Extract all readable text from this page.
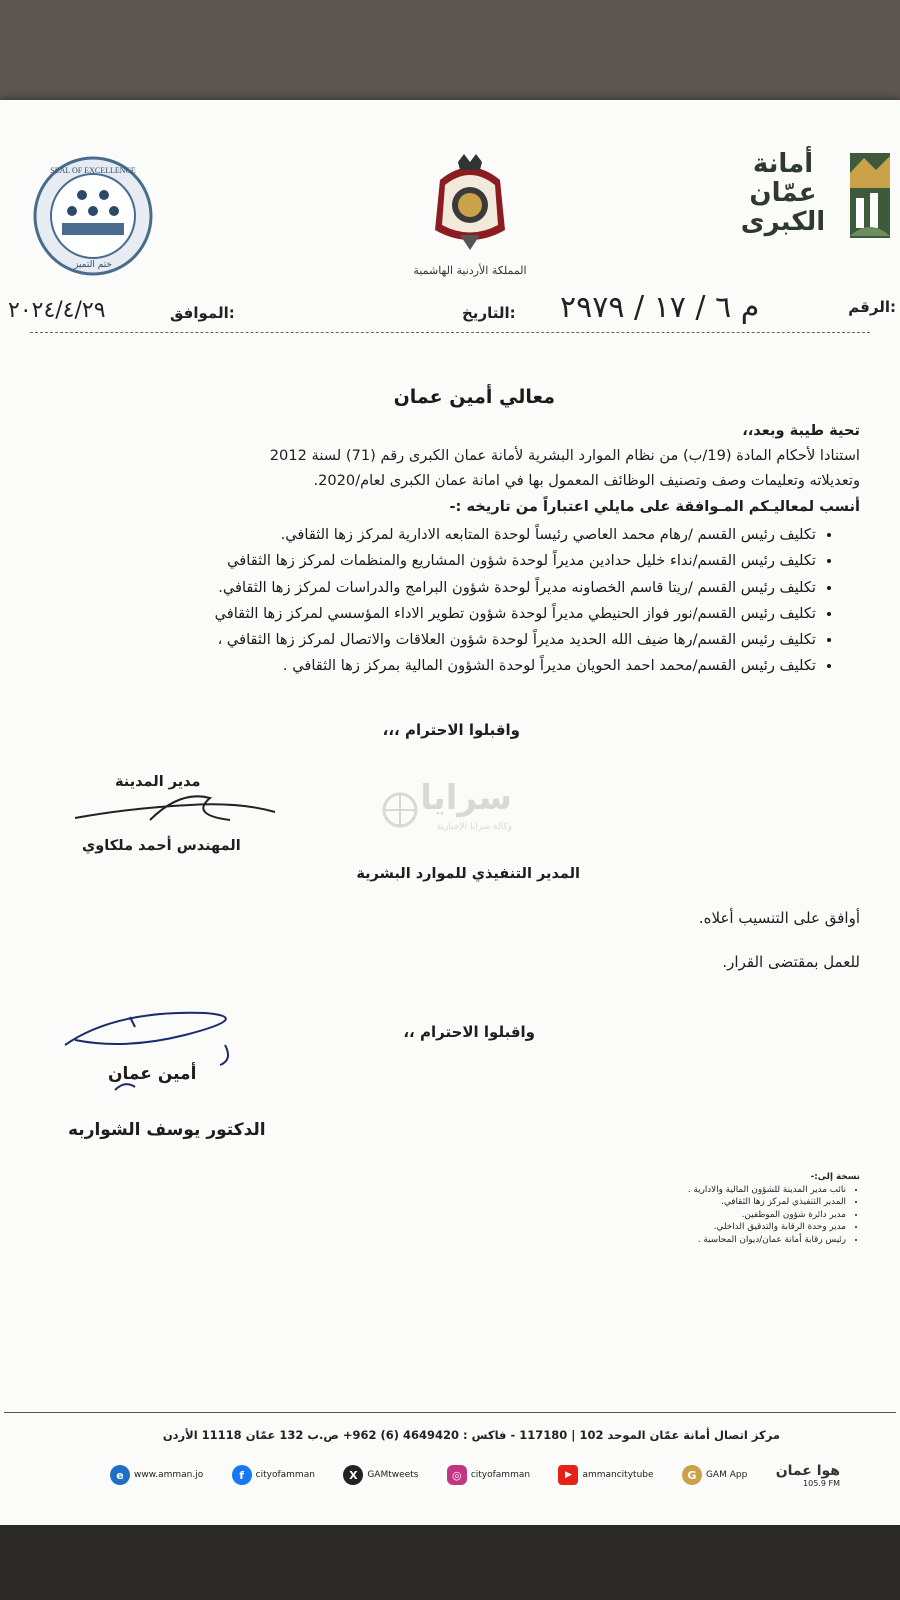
أمانة
عمّان
الكبرى
المملكة الأردنية الهاشمية
SEAL OF EXCELLENCE
ختم التميز
الرقم:
م ٦ / ١٧ / ٢٩٧٩
التاريخ:
الموافق:
٢٠٢٤/٤/٢٩
معالي أمين عمان
تحية طيبة وبعد،،
استنادا لأحكام المادة (19/ب) من نظام الموارد البشرية لأمانة عمان الكبرى رقم (71) لسنة 2012
وتعديلاته وتعليمات وصف وتصنيف الوظائف المعمول بها في امانة عمان الكبرى لعام/2020.
أنسب لمعاليـكم المـوافقة على مايلي اعتباراً من تاريخه :-
• تكليف رئيس القسم /رهام محمد العاصي رئيساً لوحدة المتابعه الادارية لمركز زها الثقافي.
• تكليف رئيس القسم/نداء خليل حدادين مديراً لوحدة شؤون المشاريع والمنظمات لمركز زها الثقافي
• تكليف رئيس القسم /ريتا قاسم الخصاونه مديراً لوحدة شؤون البرامج والدراسات لمركز زها الثقافي.
• تكليف رئيس القسم/نور فواز الحنيطي مديراً لوحدة شؤون تطوير الاداء المؤسسي لمركز زها الثقافي
• تكليف رئيس القسم/رها ضيف الله الحديد مديراً لوحدة شؤون العلاقات والاتصال لمركز زها الثقافي ،
• تكليف رئيس القسم/محمد احمد الحويان مديراً لوحدة الشؤون المالية بمركز زها الثقافي .
واقبلوا الاحترام ،،،
مدير المدينة
المهندس أحمد ملكاوي
سرايا
وكالة سرايا الإخبارية
المدير التنفيذي للموارد البشرية
أوافق على التنسيب أعلاه.
للعمل بمقتضى القرار.
واقبلوا الاحترام ،،
أمين عمان
الدكتور يوسف الشواربه
نسخة إلى:-
• نائب مدير المدينة للشؤون المالية والادارية .
• المدير التنفيذي لمركز زها الثقافي.
• مدير دائرة شؤون الموظفين.
• مدير وحدة الرقابة والتدقيق الداخلي.
• رئيس رقابة أمانة عمان/ديوان المحاسبة .
مركز اتصال أمانة عمّان الموحد 102 | 117180 - فاكس : 4649420 (6) 962+ ص.ب 132 عمّان 11118 الأردن
e	www.amman.jo	f	cityofamman	X	GAMtweets	◎	cityofamman	▶	ammancitytube	G	GAM App هوا عمان
105.9 FM
